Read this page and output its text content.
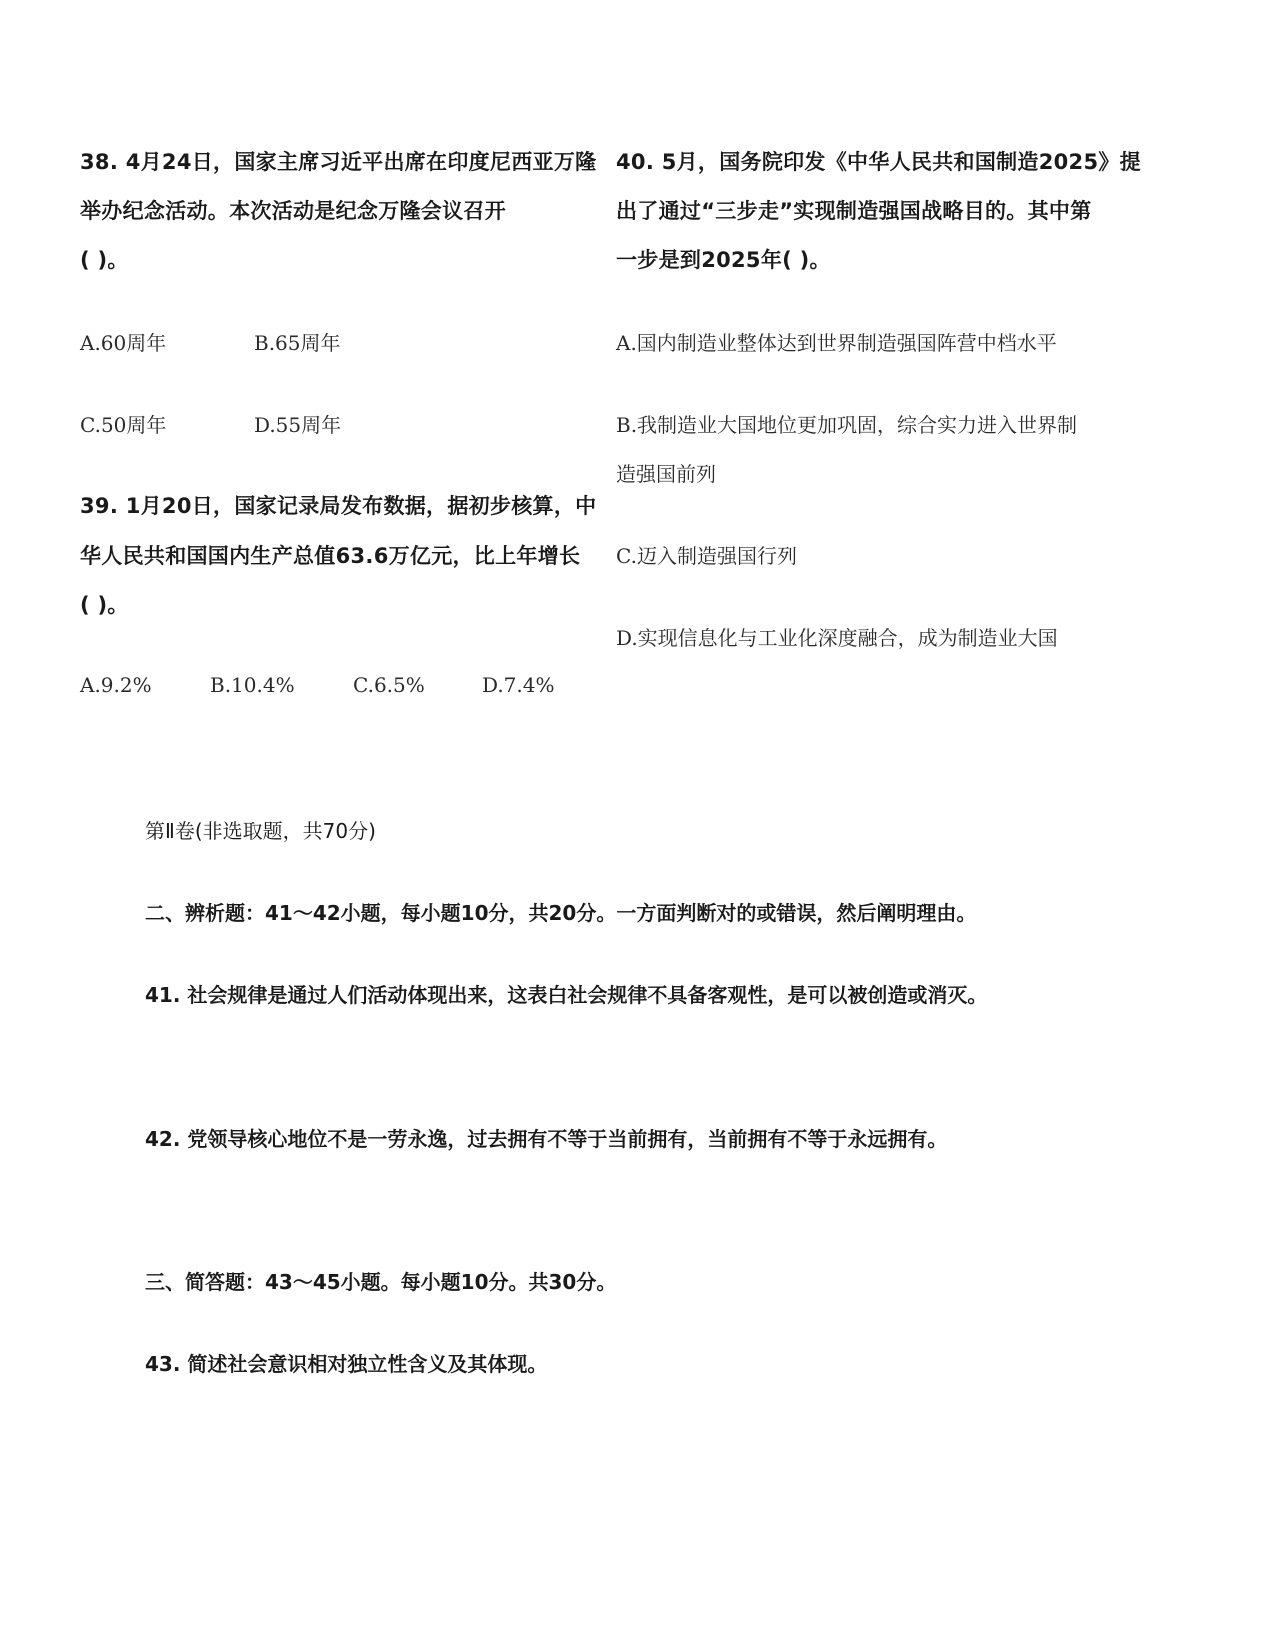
38. 4月24日，国家主席习近平出席在印度尼西亚万隆
举办纪念活动。本次活动是纪念万隆会议召开
( )。
A.60周年	B.65周年
C.50周年	D.55周年
39. 1月20日，国家记录局发布数据，据初步核算，中
华人民共和国国内生产总值63.6万亿元，比上年增长
( )。
A.9.2%	B.10.4%	C.6.5%	D.7.4%
40. 5月，国务院印发《中华人民共和国制造2025》提
出了通过“三步走”实现制造强国战略目的。其中第
一步是到2025年( )。
A.国内制造业整体达到世界制造强国阵营中档水平
B.我制造业大国地位更加巩固，综合实力进入世界制
造强国前列
C.迈入制造强国行列
D.实现信息化与工业化深度融合，成为制造业大国
第Ⅱ卷(非选取题，共70分)
二、辨析题：41～42小题，每小题10分，共20分。一方面判断对的或错误，然后阐明理由。
41. 社会规律是通过人们活动体现出来，这表白社会规律不具备客观性，是可以被创造或消灭。
42. 党领导核心地位不是一劳永逸，过去拥有不等于当前拥有，当前拥有不等于永远拥有。
三、简答题：43～45小题。每小题10分。共30分。
43. 简述社会意识相对独立性含义及其体现。
